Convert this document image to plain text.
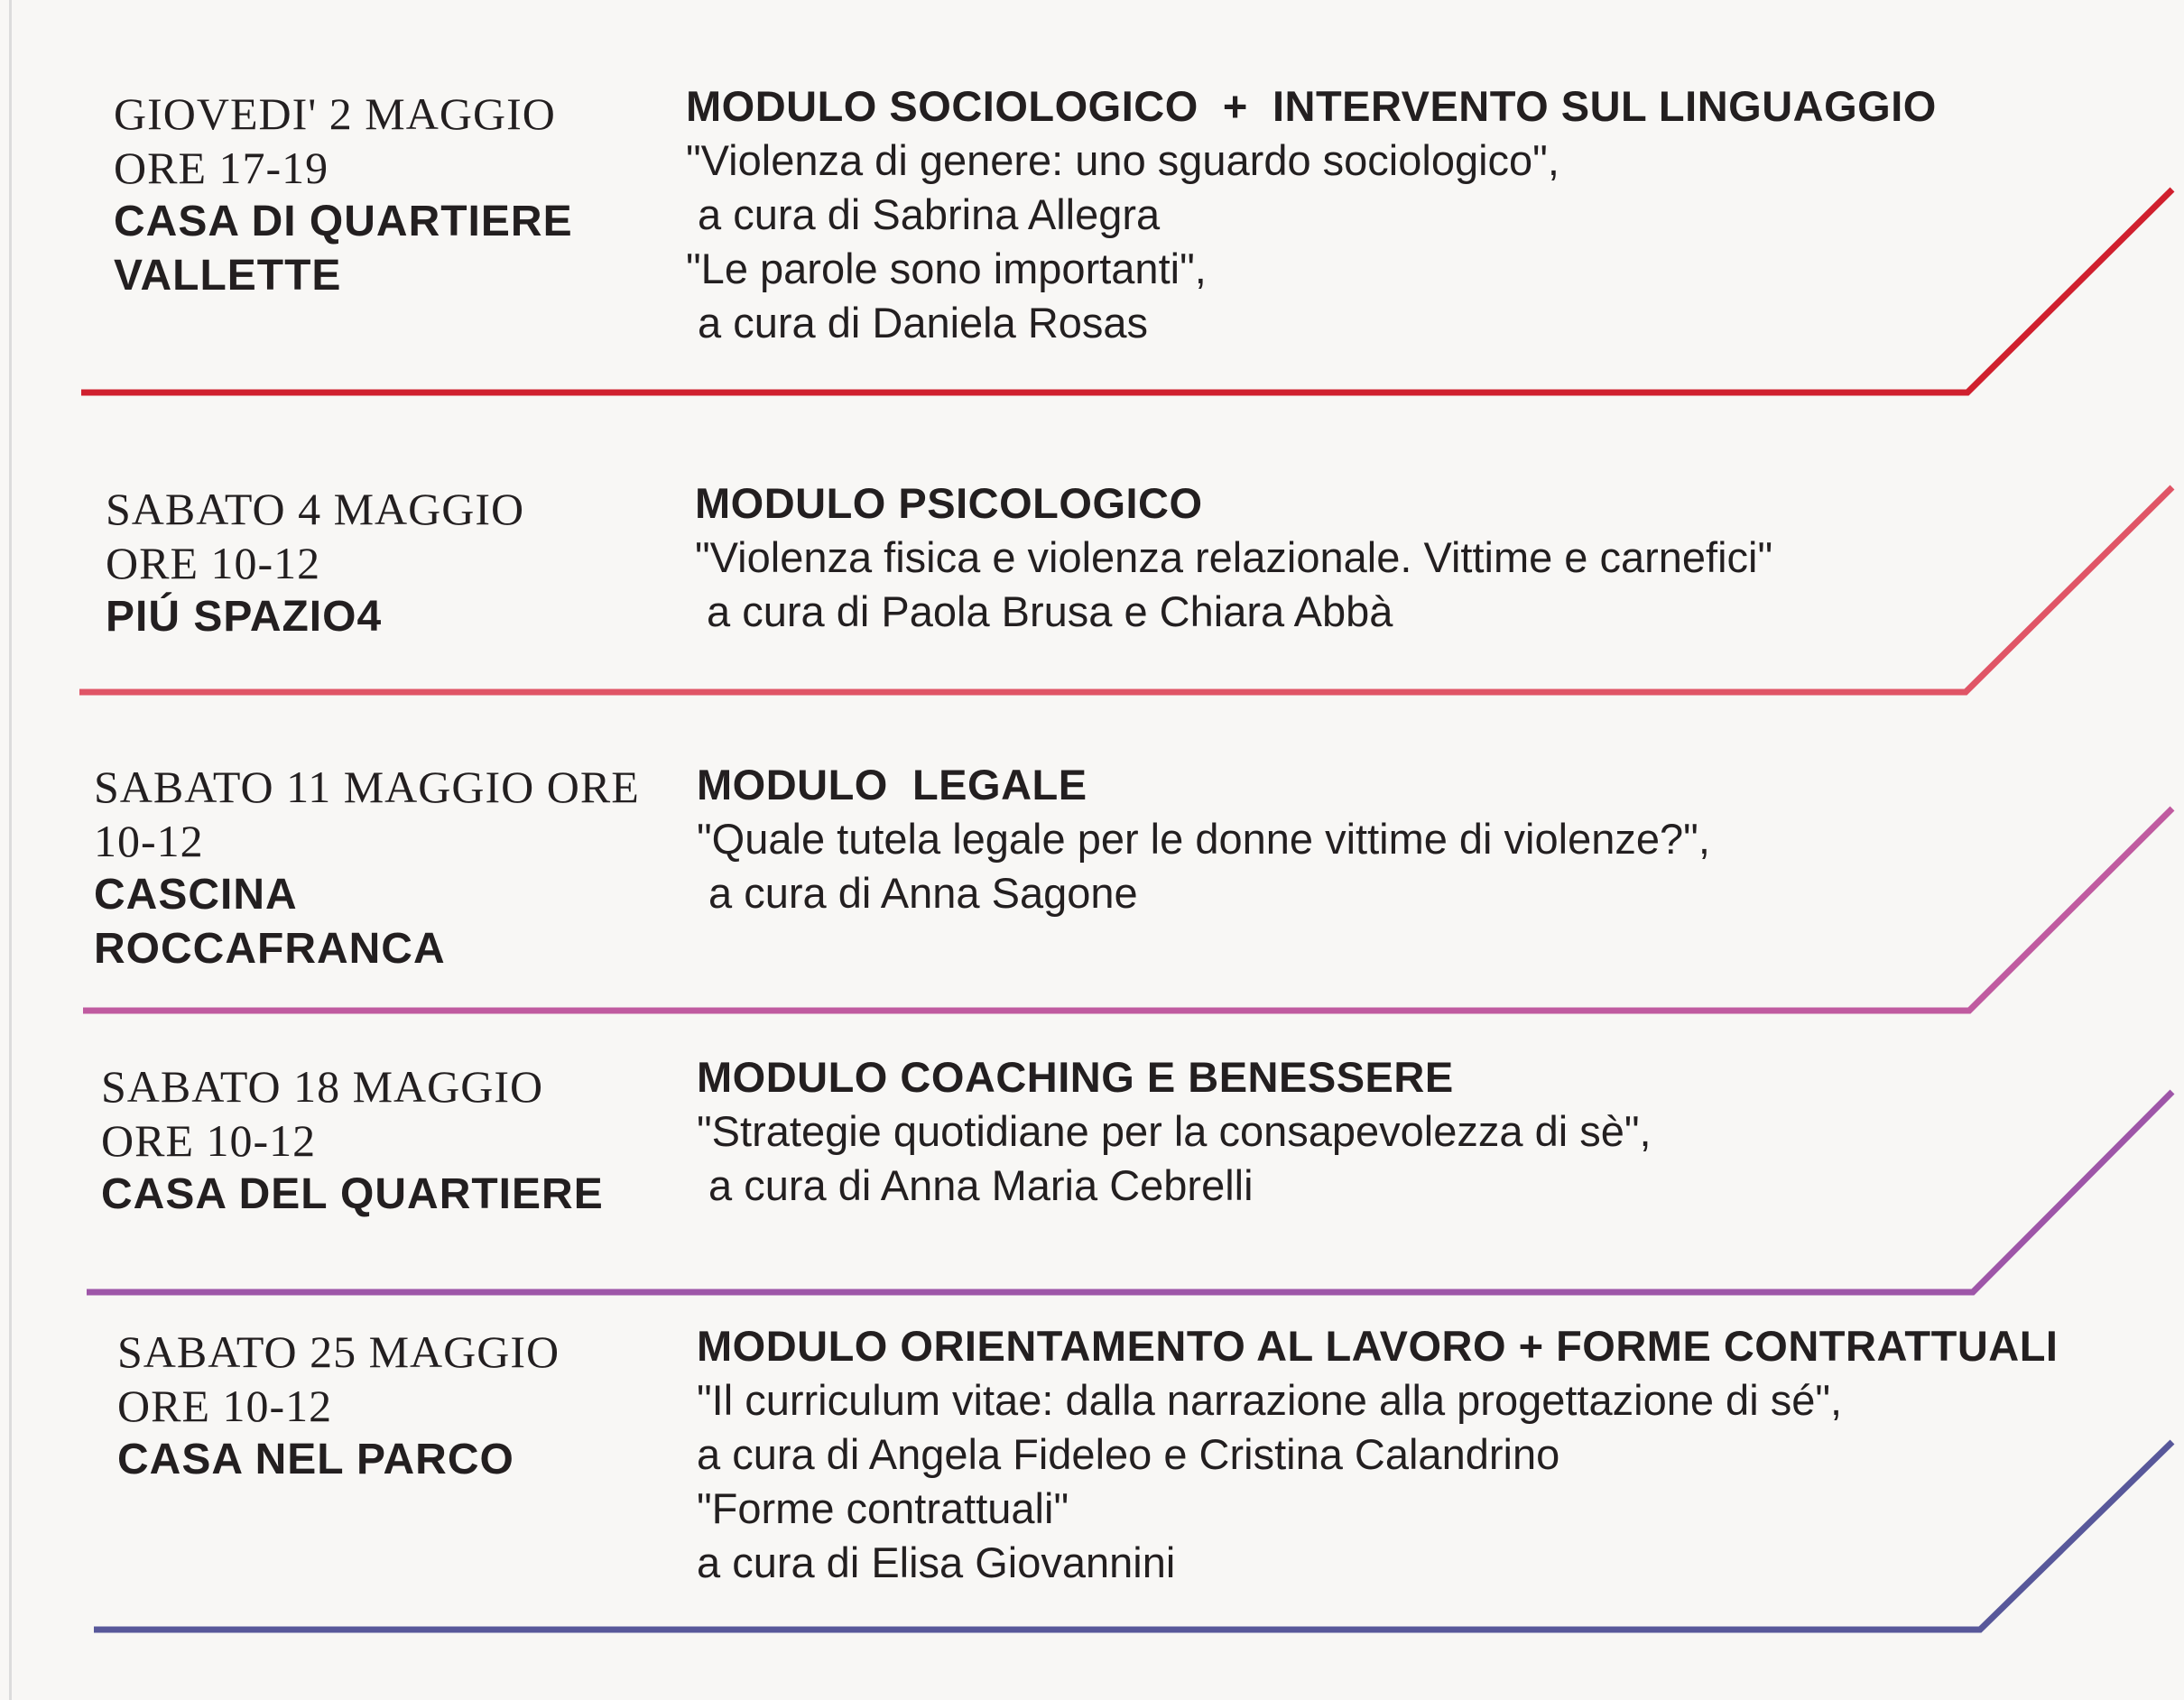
GIOVEDI' 2 MAGGIO
ORE 17-19
CASA DI QUARTIERE
VALLETTE
MODULO SOCIOLOGICO  +  INTERVENTO SUL LINGUAGGIO
"Violenza di genere: uno sguardo sociologico",
a cura di Sabrina Allegra
"Le parole sono importanti",
a cura di Daniela Rosas
SABATO 4 MAGGIO
ORE 10-12
PIÚ SPAZIO4
MODULO PSICOLOGICO
"Violenza fisica e violenza relazionale. Vittime e carnefici"
a cura di Paola Brusa e Chiara Abbà
SABATO 11 MAGGIO ORE
10-12
CASCINA
ROCCAFRANCA
MODULO  LEGALE
"Quale tutela legale per le donne vittime di violenze?",
a cura di Anna Sagone
SABATO 18 MAGGIO
ORE 10-12
CASA DEL QUARTIERE
MODULO COACHING E BENESSERE
"Strategie quotidiane per la consapevolezza di sè",
a cura di Anna Maria Cebrelli
SABATO 25 MAGGIO
ORE 10-12
CASA NEL PARCO
MODULO ORIENTAMENTO AL LAVORO + FORME CONTRATTUALI
"Il curriculum vitae: dalla narrazione alla progettazione di sé",
a cura di Angela Fideleo e Cristina Calandrino
"Forme contrattuali"
a cura di Elisa Giovannini
